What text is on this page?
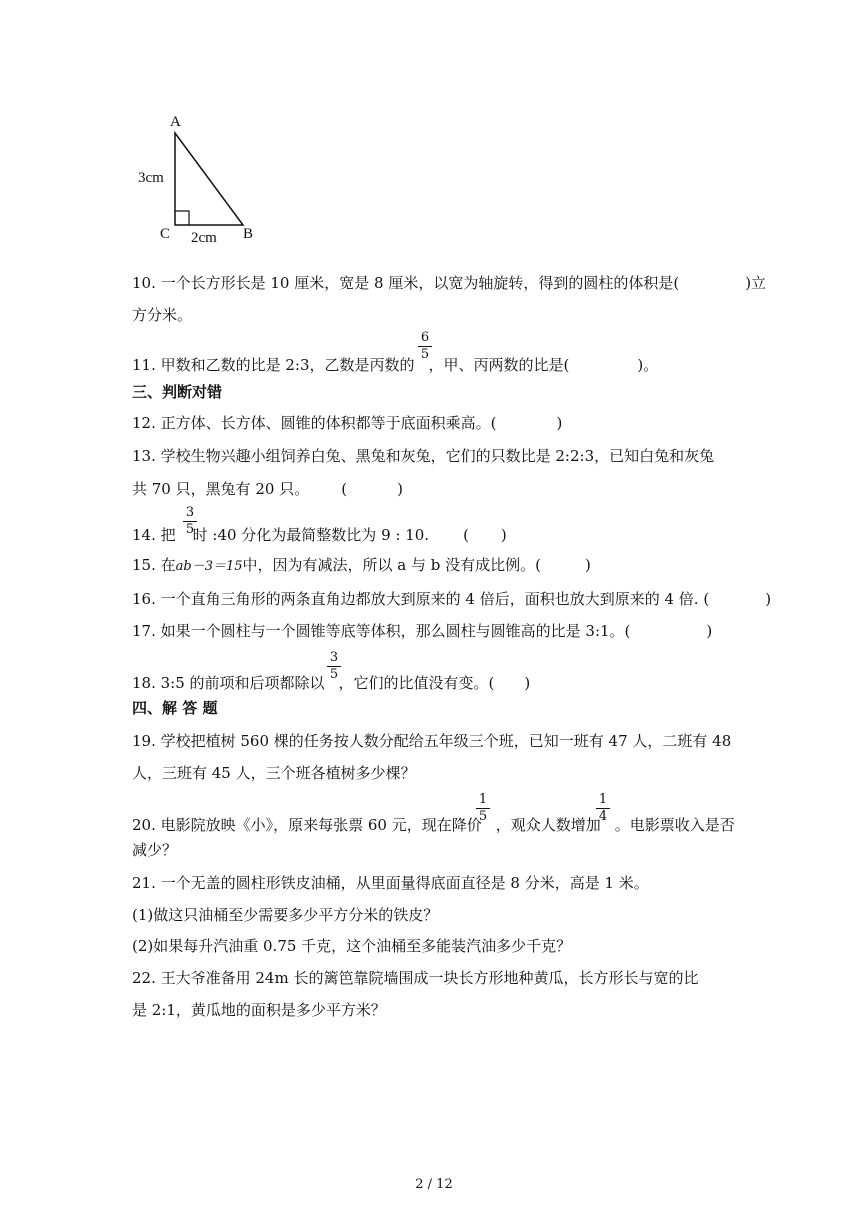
A
3cm
C 2cm B
10. 一个长方形长是 10 厘米，宽是 8 厘米，以宽为轴旋转，得到的圆柱的体积是(	)立
方分米。
6
5
11. 甲数和乙数的比是 2:3，乙数是丙数的 ，甲、丙两数的比是(	)。
三、判断对错
12. 正方体、长方体、圆锥的体积都等于底面积乘高。(	)
13. 学校生物兴趣小组饲养白兔、黑兔和灰兔，它们的只数比是 2:2:3，已知白兔和灰兔
共 70 只，黑兔有 20 只。 (	)
3
5
14. 把 时 :40 分化为最简整数比为 9 : 10. ( )
15. 在ab－3＝15中，因为有减法，所以 a 与 b 没有成比例。(	)
16. 一个直角三角形的两条直角边都放大到原来的 4 倍后，面积也放大到原来的 4 倍. (	)
17. 如果一个圆柱与一个圆锥等底等体积，那么圆柱与圆锥高的比是 3:1。(	)
3
5
18. 3:5 的前项和后项都除以 ，它们的比值没有变。( )
四、解 答 题
19. 学校把植树 560 棵的任务按人数分配给五年级三个班，已知一班有 47 人，二班有 48
人，三班有 45 人，三个班各植树多少棵？
1
5
1
4
20. 电影院放映《小》，原来每张票 60 元，现在降价 ，观众人数增加 。电影票收入是否
减少？
21. 一个无盖的圆柱形铁皮油桶，从里面量得底面直径是 8 分米，高是 1 米。
(1)做这只油桶至少需要多少平方分米的铁皮？
(2)如果每升汽油重 0.75 千克，这个油桶至多能装汽油多少千克？
22. 王大爷准备用 24m 长的篱笆靠院墙围成一块长方形地种黄瓜，长方形长与宽的比
是 2:1，黄瓜地的面积是多少平方米？
2 / 12
